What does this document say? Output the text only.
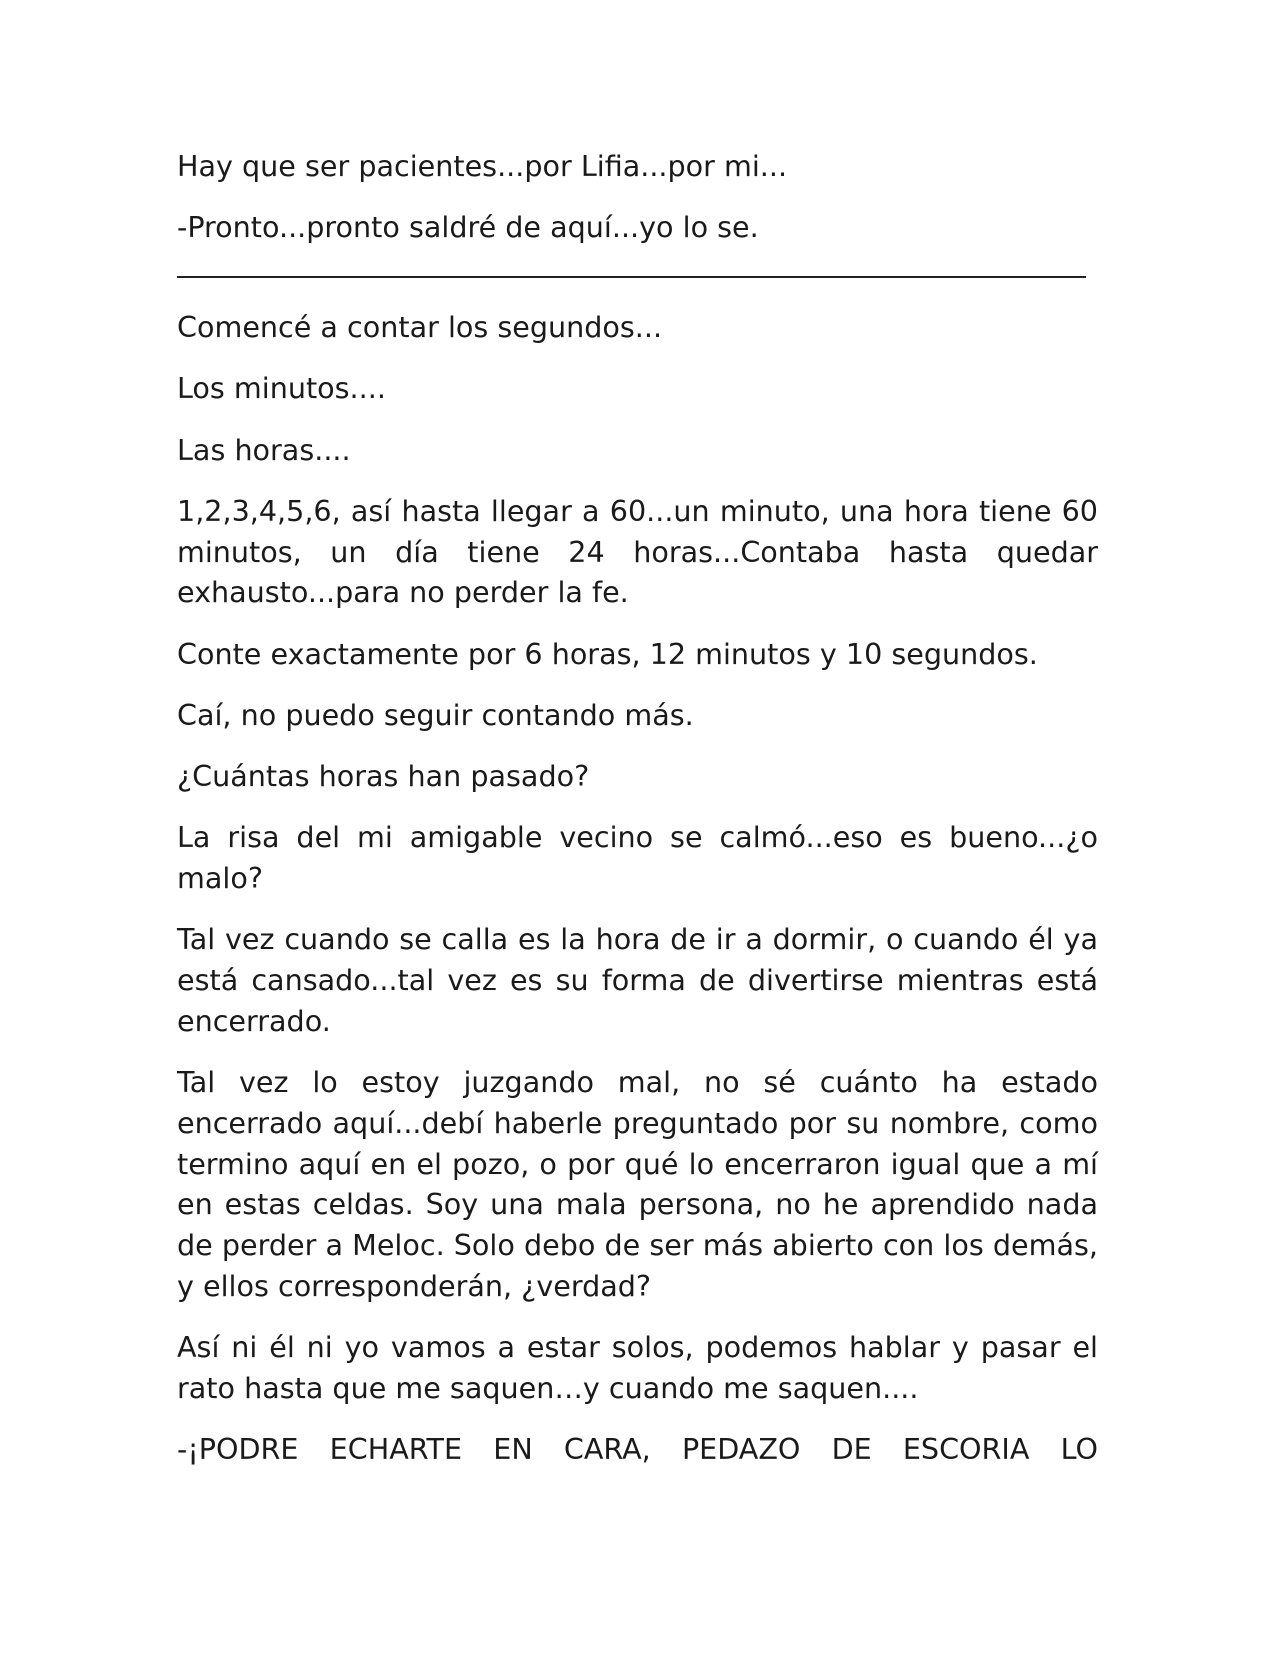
Hay que ser pacientes...por Lifia...por mi...

-Pronto...pronto saldré de aquí...yo lo se.

Comencé a contar los segundos...

Los minutos....

Las horas....

1,2,3,4,5,6, así hasta llegar a 60...un minuto, una hora tiene 60 minutos, un día tiene 24 horas...Contaba hasta quedar exhausto...para no perder la fe.

Conte exactamente por 6 horas, 12 minutos y 10 segundos.

Caí, no puedo seguir contando más.

¿Cuántas horas han pasado?

La risa del mi amigable vecino se calmó...eso es bueno...¿o malo?

Tal vez cuando se calla es la hora de ir a dormir, o cuando él ya está cansado...tal vez es su forma de divertirse mientras está encerrado.

Tal vez lo estoy juzgando mal, no sé cuánto ha estado encerrado aquí...debí haberle preguntado por su nombre, como termino aquí en el pozo, o por qué lo encerraron igual que a mí en estas celdas. Soy una mala persona, no he aprendido nada de perder a Meloc. Solo debo de ser más abierto con los demás, y ellos corresponderán, ¿verdad?

Así ni él ni yo vamos a estar solos, podemos hablar y pasar el rato hasta que me saquen…y cuando me saquen....

-¡PODRE ECHARTE EN CARA, PEDAZO DE ESCORIA LO
